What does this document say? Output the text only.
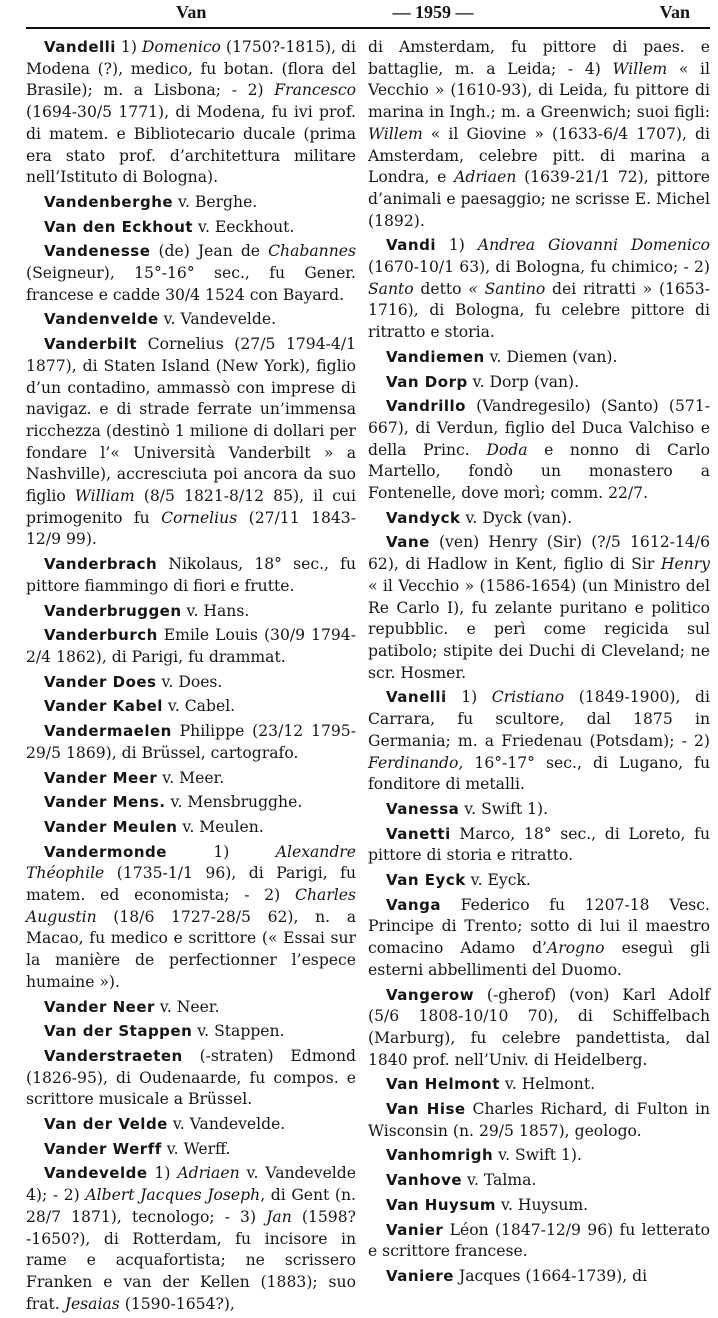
Van	— 1959 —	Van

Vandelli 1) Domenico (1750?-1815), di Modena (?), medico, fu botan. (flora del Brasile); m. a Lisbona; - 2) Francesco (1694-30/5 1771), di Modena, fu ivi prof. di matem. e Bibliotecario ducale (prima era stato prof. d’architettura militare nell’Istituto di Bologna).

Vandenberghe v. Berghe.

Van den Eckhout v. Eeckhout.

Vandenesse (de) Jean de Chabannes (Seigneur), 15°-16° sec., fu Gener. francese e cadde 30/4 1524 con Bayard.

Vandenvelde v. Vandevelde.

Vanderbilt Cornelius (27/5 1794-4/1 1877), di Staten Island (New York), figlio d’un contadino, ammassò con imprese di navigaz. e di strade ferrate un’immensa ricchezza (destinò 1 milione di dollari per fondare l’« Università Vanderbilt » a Nashville), accresciuta poi ancora da suo figlio William (8/5 1821-8/12 85), il cui primogenito fu Cornelius (27/11 1843-12/9 99).

Vanderbrach Nikolaus, 18° sec., fu pittore fiammingo di fiori e frutte.

Vanderbruggen v. Hans.

Vanderburch Emile Louis (30/9 1794-2/4 1862), di Parigi, fu drammat.

Vander Does v. Does.

Vander Kabel v. Cabel.

Vandermaelen Philippe (23/12 1795-29/5 1869), di Brüssel, cartografo.

Vander Meer v. Meer.

Vander Mens. v. Mensbrugghe.

Vander Meulen v. Meulen.

Vandermonde 1) Alexandre Théophile (1735-1/1 96), di Parigi, fu matem. ed economista; - 2) Charles Augustin (18/6 1727-28/5 62), n. a Macao, fu medico e scrittore (« Essai sur la manière de perfectionner l’espece humaine »).

Vander Neer v. Neer.

Van der Stappen v. Stappen.

Vanderstraeten (-straten) Edmond (1826-95), di Oudenaarde, fu compos. e scrittore musicale a Brüssel.

Van der Velde v. Vandevelde.

Vander Werff v. Werff.

Vandevelde 1) Adriaen v. Vandevelde 4); - 2) Albert Jacques Joseph, di Gent (n. 28/7 1871), tecnologo; - 3) Jan (1598?-1650?), di Rotterdam, fu incisore in rame e acquafortista; ne scrissero Franken e van der Kellen (1883); suo frat. Jesaias (1590-1654?),

di Amsterdam, fu pittore di paes. e battaglie, m. a Leida; - 4) Willem « il Vecchio » (1610-93), di Leida, fu pittore di marina in Ingh.; m. a Greenwich; suoi figli: Willem « il Giovine » (1633-6/4 1707), di Amsterdam, celebre pitt. di marina a Londra, e Adriaen (1639-21/1 72), pittore d’animali e paesaggio; ne scrisse E. Michel (1892).

Vandi 1) Andrea Giovanni Domenico (1670-10/1 63), di Bologna, fu chimico; - 2) Santo detto « Santino dei ritratti » (1653-1716), di Bologna, fu celebre pittore di ritratto e storia.

Vandiemen v. Diemen (van).

Van Dorp v. Dorp (van).

Vandrillo (Vandregesilo) (Santo) (571-667), di Verdun, figlio del Duca Valchiso e della Princ. Doda e nonno di Carlo Martello, fondò un monastero a Fontenelle, dove morì; comm. 22/7.

Vandyck v. Dyck (van).

Vane (ven) Henry (Sir) (?/5 1612-14/6 62), di Hadlow in Kent, figlio di Sir Henry « il Vecchio » (1586-1654) (un Ministro del Re Carlo I), fu zelante puritano e politico repubblic. e perì come regicida sul patibolo; stipite dei Duchi di Cleveland; ne scr. Hosmer.

Vanelli 1) Cristiano (1849-1900), di Carrara, fu scultore, dal 1875 in Germania; m. a Friedenau (Potsdam); - 2) Ferdinando, 16°-17° sec., di Lugano, fu fonditore di metalli.

Vanessa v. Swift 1).

Vanetti Marco, 18° sec., di Loreto, fu pittore di storia e ritratto.

Van Eyck v. Eyck.

Vanga Federico fu 1207-18 Vesc. Principe di Trento; sotto di lui il maestro comacino Adamo d’Arogno eseguì gli esterni abbellimenti del Duomo.

Vangerow (-gherof) (von) Karl Adolf (5/6 1808-10/10 70), di Schiffelbach (Marburg), fu celebre pandettista, dal 1840 prof. nell’Univ. di Heidelberg.

Van Helmont v. Helmont.

Van Hise Charles Richard, di Fulton in Wisconsin (n. 29/5 1857), geologo.

Vanhomrigh v. Swift 1).

Vanhove v. Talma.

Van Huysum v. Huysum.

Vanier Léon (1847-12/9 96) fu letterato e scrittore francese.

Vaniere Jacques (1664-1739), di
